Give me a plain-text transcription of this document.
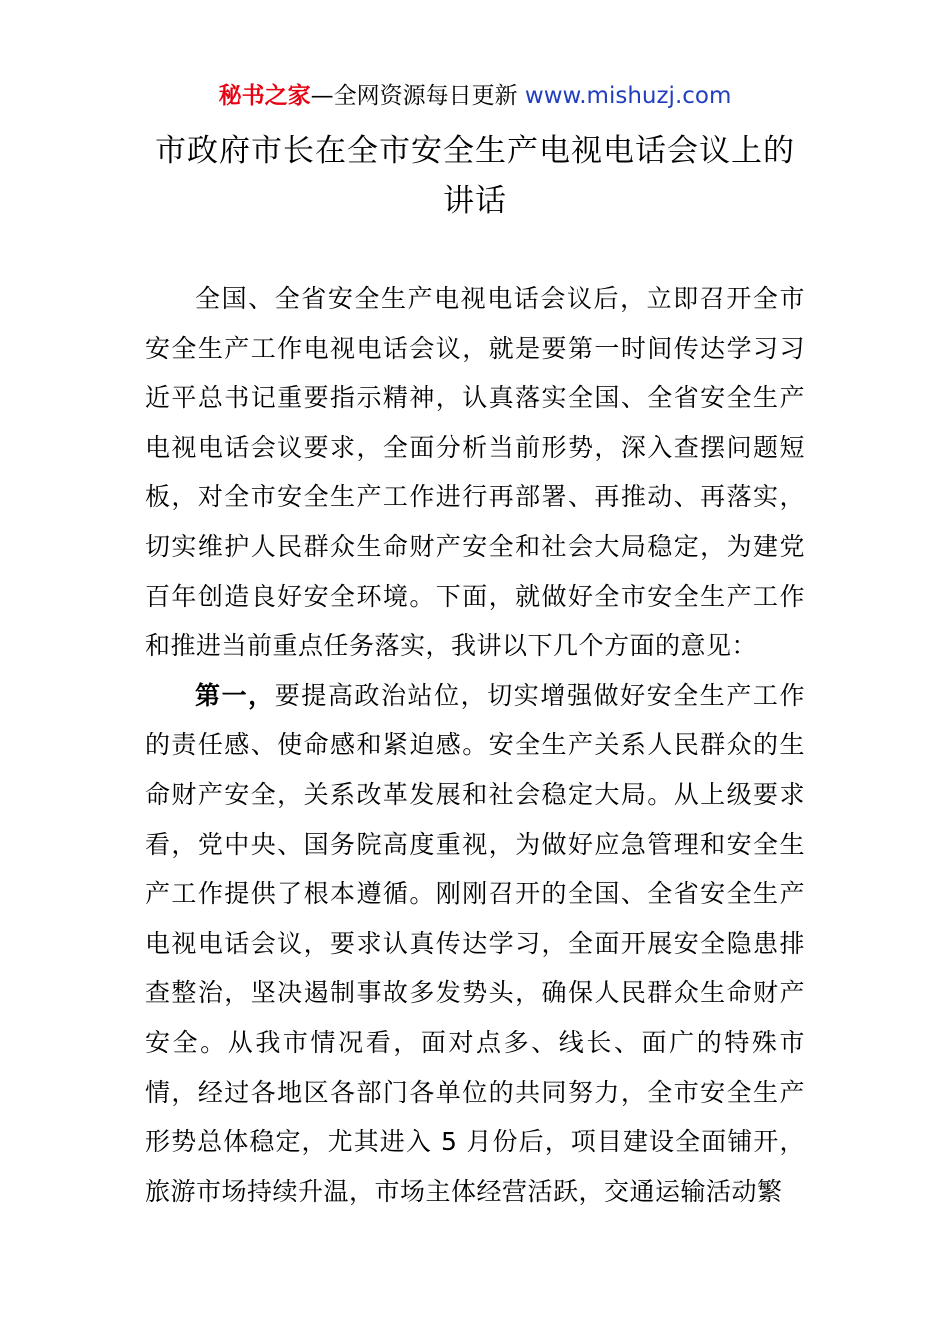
秘书之家—全网资源每日更新 www.mishuzj.com
市政府市长在全市安全生产电视电话会议上的
讲话

全国、全省安全生产电视电话会议后，立即召开全市安全生产工作电视电话会议，就是要第一时间传达学习习近平总书记重要指示精神，认真落实全国、全省安全生产电视电话会议要求，全面分析当前形势，深入查摆问题短板，对全市安全生产工作进行再部署、再推动、再落实，切实维护人民群众生命财产安全和社会大局稳定，为建党百年创造良好安全环境。下面，就做好全市安全生产工作和推进当前重点任务落实，我讲以下几个方面的意见：

第一，要提高政治站位，切实增强做好安全生产工作的责任感、使命感和紧迫感。安全生产关系人民群众的生命财产安全，关系改革发展和社会稳定大局。从上级要求看，党中央、国务院高度重视，为做好应急管理和安全生产工作提供了根本遵循。刚刚召开的全国、全省安全生产电视电话会议，要求认真传达学习，全面开展安全隐患排查整治，坚决遏制事故多发势头，确保人民群众生命财产安全。从我市情况看，面对点多、线长、面广的特殊市情，经过各地区各部门各单位的共同努力，全市安全生产形势总体稳定，尤其进入 5 月份后，项目建设全面铺开，旅游市场持续升温，市场主体经营活跃，交通运输活动繁
